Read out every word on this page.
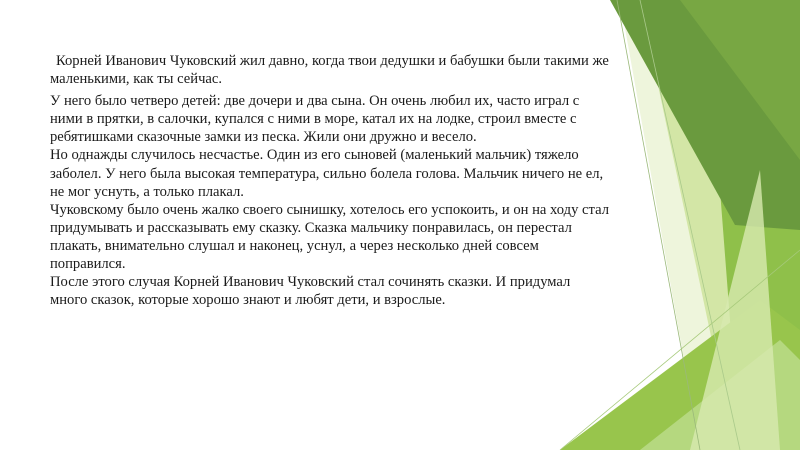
Корней Иванович Чуковский жил давно, когда твои дедушки и бабушки были такими же маленькими, как ты сейчас.

У него было четверо детей: две дочери и два сына. Он очень любил их, часто играл с ними в прятки, в салочки, купался с ними в море, катал их на лодке, строил вместе с ребятишками сказочные замки из песка. Жили они дружно и весело.

Но однажды случилось несчастье. Один из его сыновей (маленький мальчик) тяжело заболел. У него была высокая температура, сильно болела голова. Мальчик ничего не ел, не мог уснуть, а только плакал.

Чуковскому было очень жалко своего сынишку, хотелось его успокоить, и он на ходу стал придумывать и рассказывать ему сказку. Сказка мальчику понравилась, он перестал плакать, внимательно слушал и наконец, уснул, а через несколько дней совсем поправился.

После этого случая Корней Иванович Чуковский стал сочинять сказки. И придумал много сказок, которые хорошо знают и любят дети, и взрослые.
